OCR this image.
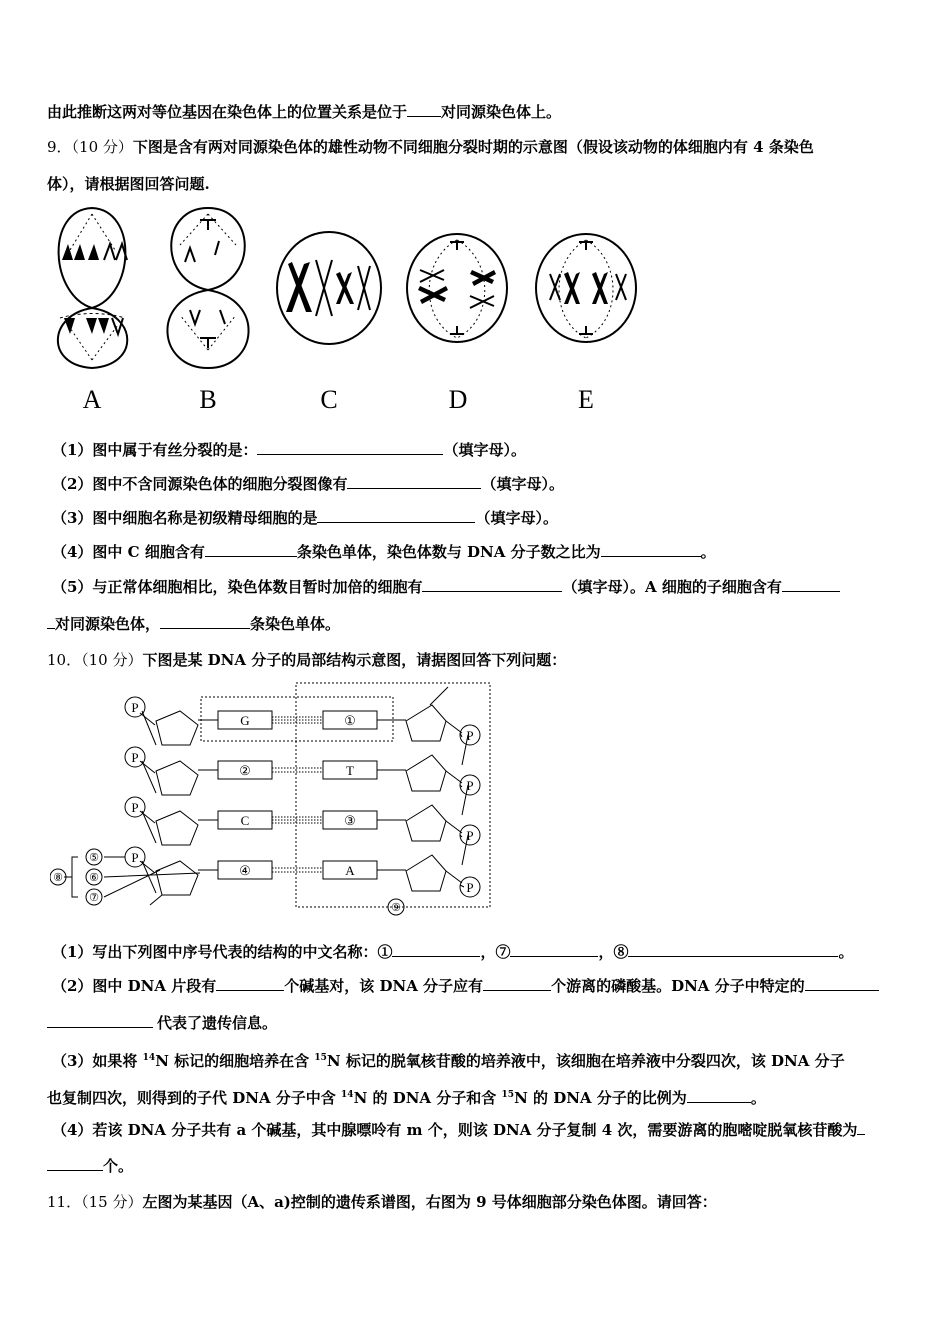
由此推断这两对等位基因在染色体上的位置关系是位于 对同源染色体上。
9．（10 分）下图是含有两对同源染色体的雄性动物不同细胞分裂时期的示意图（假设该动物的体细胞内有 4 条染色
体），请根据图回答问题.
A	B	C	D	E
（1）图中属于有丝分裂的是：	（填字母）。
（2）图中不含同源染色体的细胞分裂图像有	（填字母）。
（3）图中细胞名称是初级精母细胞的是	（填字母）。
（4）图中 C 细胞含有	条染色单体，染色体数与 DNA 分子数之比为	。
（5）与正常体细胞相比，染色体数目暂时加倍的细胞有	（填字母）。A 细胞的子细胞含有
对同源染色体，	条染色单体。
10．（10 分）下图是某 DNA 分子的局部结构示意图，请据图回答下列问题：
P
P
P
P
P
P
P
P
G
②
C
④
①
T
③
A
⑧
⑤
⑥
⑦
⑨
（1）写出下列图中序号代表的结构的中文名称：①	，⑦	，⑧	。
（2）图中 DNA 片段有	个碱基对，该 DNA 分子应有	个游离的磷酸基。DNA 分子中特定的
代表了遗传信息。
（3）如果将 $^{14}$N 标记的细胞培养在含 $^{15}$N 标记的脱氧核苷酸的培养液中，该细胞在培养液中分裂四次，该 DNA 分子
也复制四次，则得到的子代 DNA 分子中含 $^{14}$N 的 DNA 分子和含 $^{15}$N 的 DNA 分子的比例为	。
（4）若该 DNA 分子共有 a 个碱基，其中腺嘌呤有 m 个，则该 DNA 分子复制 4 次，需要游离的胞嘧啶脱氧核苷酸为
个。
11．（15 分）左图为某基因（A、a)控制的遗传系谱图，右图为 9 号体细胞部分染色体图。请回答：
